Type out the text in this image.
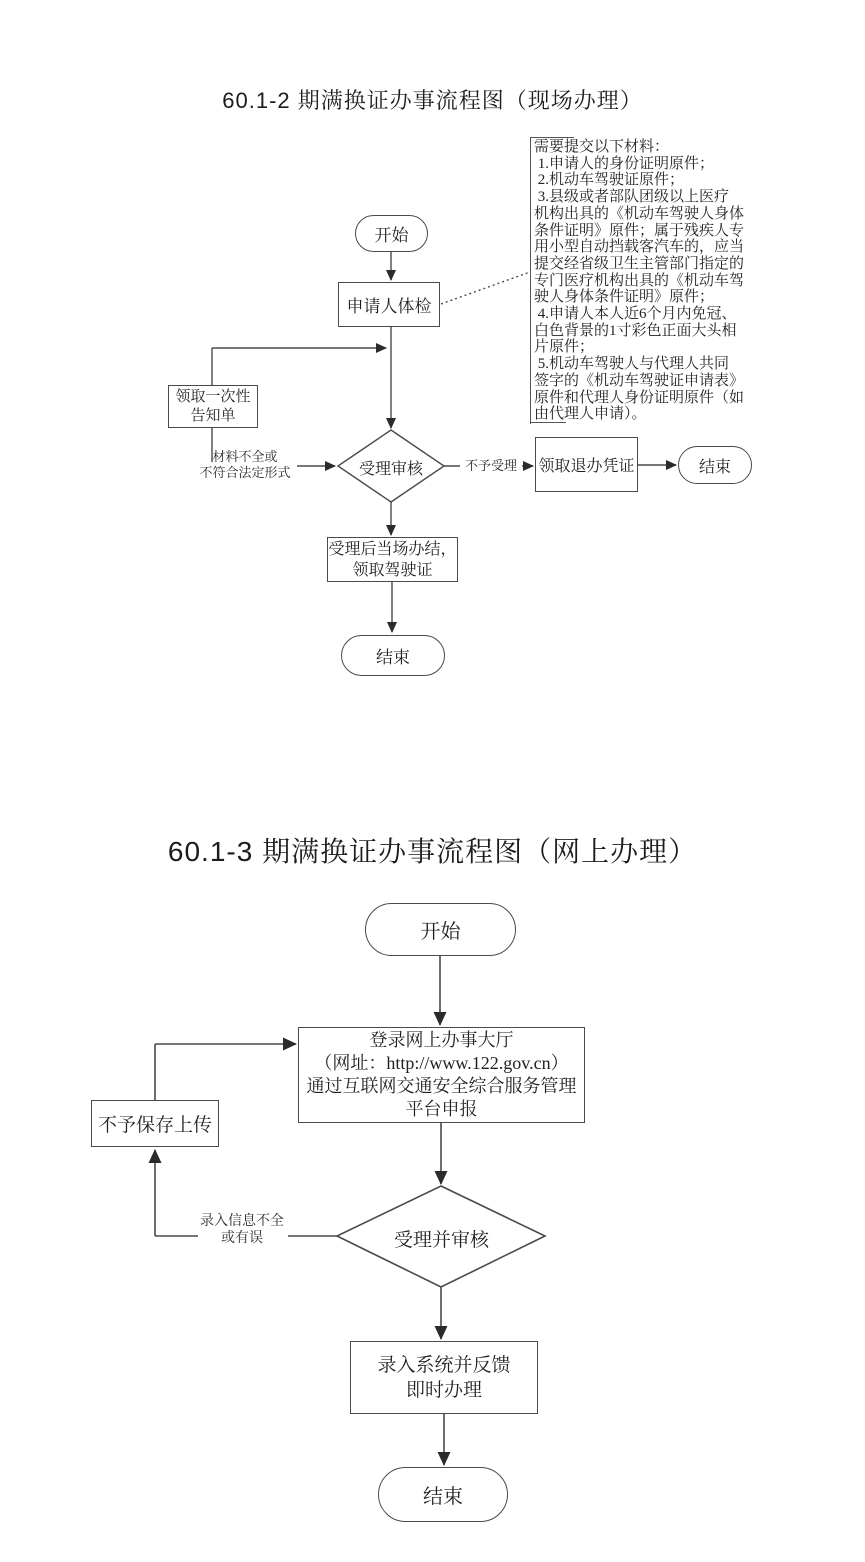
60.1-2 期满换证办事流程图（现场办理）
开始
申请人体检
需要提交以下材料：
1.申请人的身份证明原件；
2.机动车驾驶证原件；
3.县级或者部队团级以上医疗
机构出具的《机动车驾驶人身体
条件证明》原件；属于残疾人专
用小型自动挡载客汽车的，应当
提交经省级卫生主管部门指定的
专门医疗机构出具的《机动车驾
驶人身体条件证明》原件；
4.申请人本人近6个月内免冠、
白色背景的1寸彩色正面大头相
片原件；
5.机动车驾驶人与代理人共同
签字的《机动车驾驶证申请表》
原件和代理人身份证明原件（如
由代理人申请）。
领取一次性
告知单
材料不全或
不符合法定形式	受理审核	不予受理	领取退办凭证	结束
受理后当场办结，
领取驾驶证
结束
60.1-3 期满换证办事流程图（网上办理）
开始
登录网上办事大厅
（网址：http://www.122.gov.cn）
通过互联网交通安全综合服务管理
平台申报
不予保存上传
录入信息不全
或有误	受理并审核
录入系统并反馈
即时办理
结束
